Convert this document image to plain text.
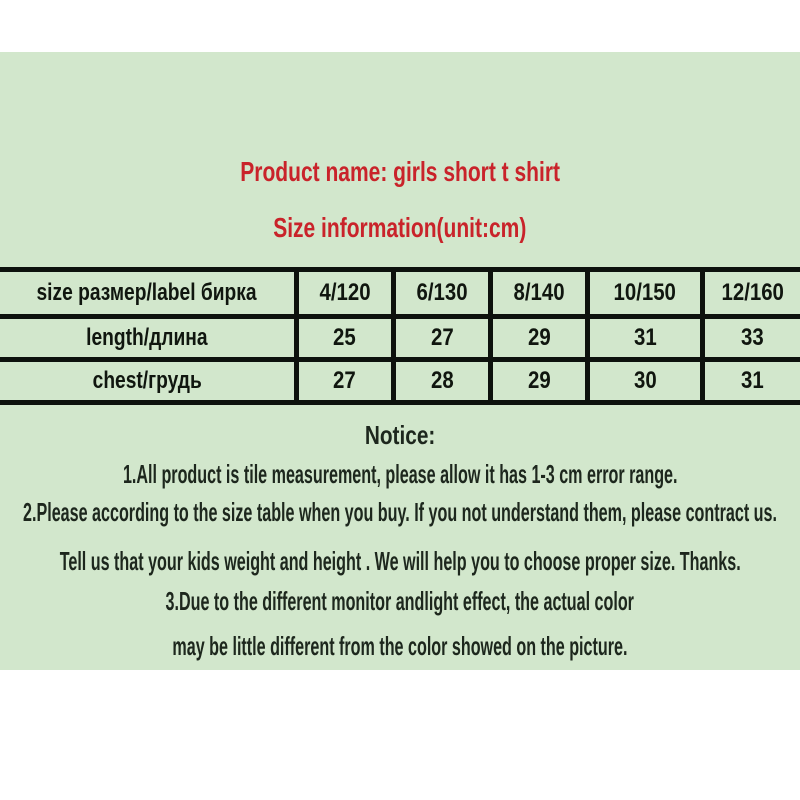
Product name: girls short t shirt
Size information(unit:cm)
size размер/label бирка	4/120	6/130	8/140	10/150	12/160
length/длина	25	27	29	31	33
chest/грудь	27	28	29	30	31
Notice:
1.All product is tile measurement, please allow it has 1-3 cm error range.
2.Please according to the size table when you buy. If you not understand them, please contract us.
Tell us that your kids weight and height . We will help you to choose proper size. Thanks.
3.Due to the different monitor andlight effect, the actual color
may be little different from the color showed on the picture.
